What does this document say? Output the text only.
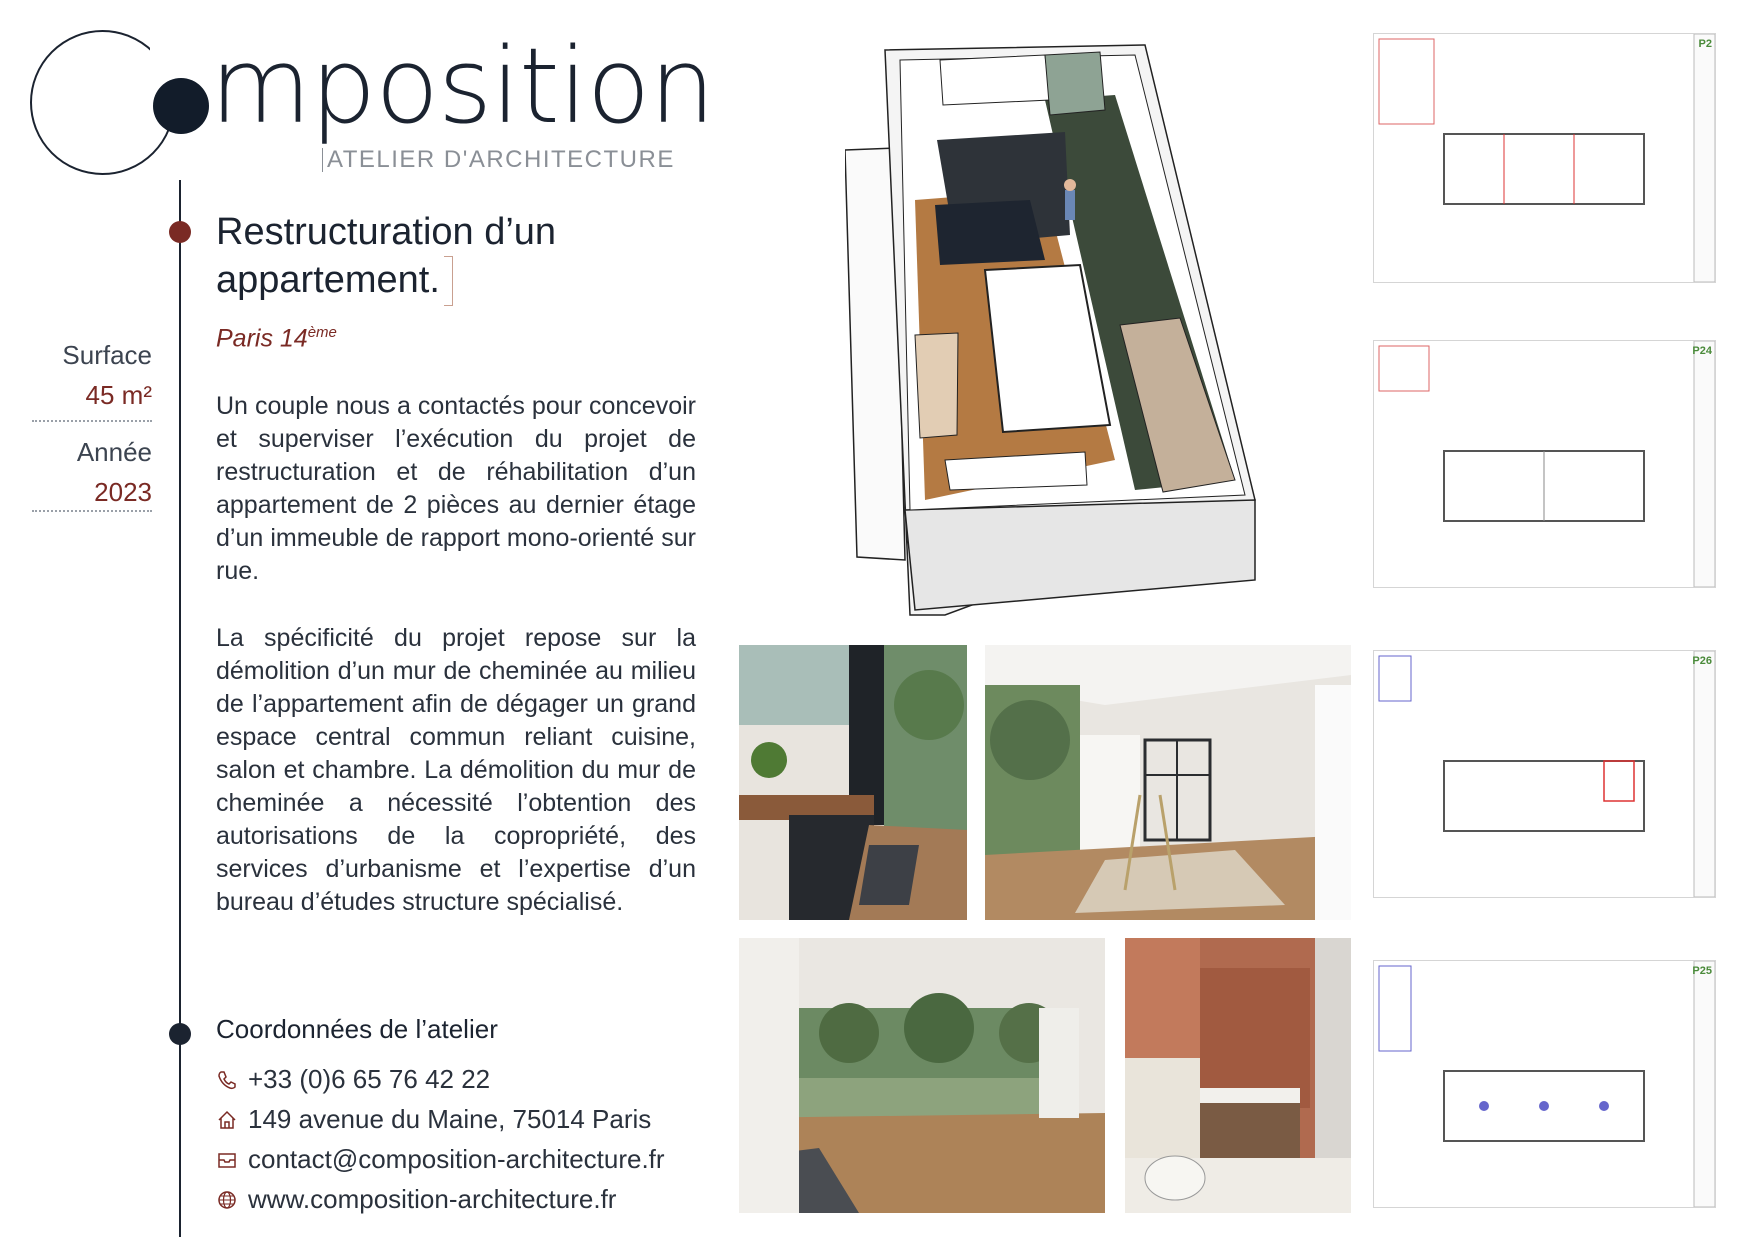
mposition
ATELIER D'ARCHITECTURE
Restructuration d’un
appartement.
Paris 14ème
Surface
45 m²
Année
2023
Un couple nous a contactés pour concevoir et superviser l’exécution du projet de restructuration et de réhabilitation d’un appartement de 2 pièces au dernier étage d’un immeuble de rapport mono-orienté sur rue.
La spécificité du projet repose sur la démolition d’un mur de cheminée au milieu de l’appartement afin de dégager un grand espace central commun reliant cuisine, salon et chambre. La démolition du mur de cheminée a nécessité l’obtention des autorisations de la copropriété, des services d’urbanisme et l’expertise d’un bureau d’études structure spécialisé.
Coordonnées de l’atelier
+33 (0)6 65 76 42 22
149 avenue du Maine, 75014 Paris
contact@composition-architecture.fr
www.composition-architecture.fr
P2
P24
P26
P25
